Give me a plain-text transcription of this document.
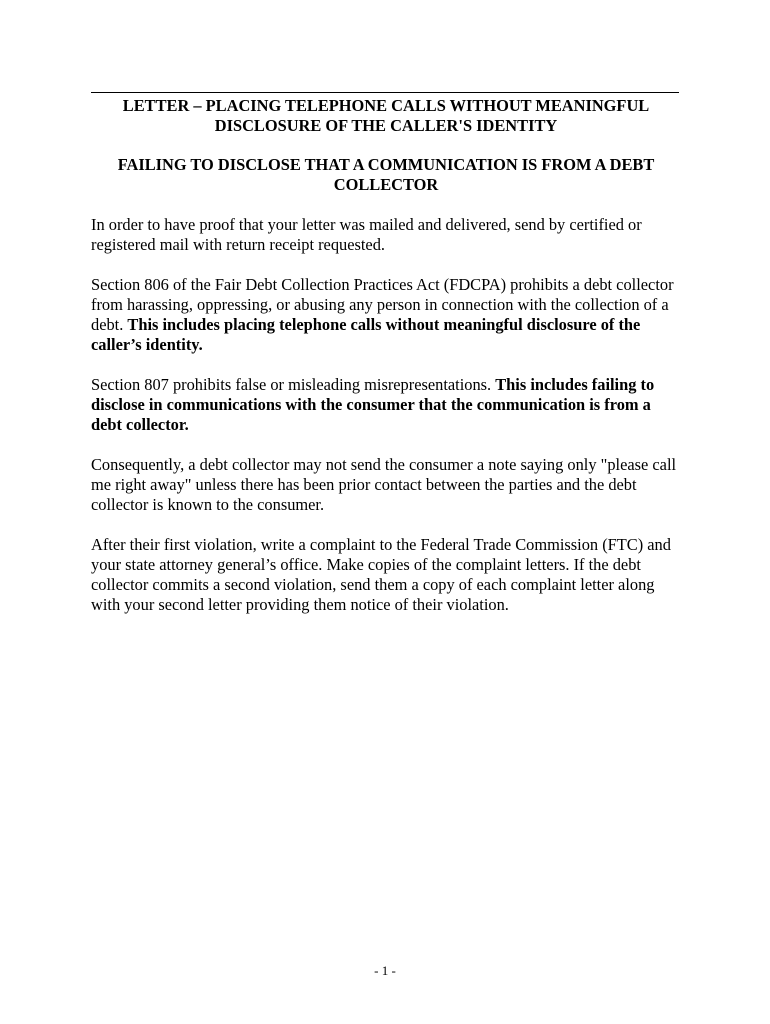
LETTER – PLACING TELEPHONE CALLS WITHOUT MEANINGFUL
DISCLOSURE OF THE CALLER'S IDENTITY
FAILING TO DISCLOSE THAT A COMMUNICATION IS FROM A DEBT
COLLECTOR

In order to have proof that your letter was mailed and delivered, send by certified or registered mail with return receipt requested.

Section 806 of the Fair Debt Collection Practices Act (FDCPA) prohibits a debt collector from harassing, oppressing, or abusing any person in connection with the collection of a debt. This includes placing telephone calls without meaningful disclosure of the caller’s identity.

Section 807 prohibits false or misleading misrepresentations. This includes failing to disclose in communications with the consumer that the communication is from a debt collector.

Consequently, a debt collector may not send the consumer a note saying only "please call me right away" unless there has been prior contact between the parties and the debt collector is known to the consumer.

After their first violation, write a complaint to the Federal Trade Commission (FTC) and your state attorney general’s office. Make copies of the complaint letters. If the debt collector commits a second violation, send them a copy of each complaint letter along with your second letter providing them notice of their violation.

- 1 -
